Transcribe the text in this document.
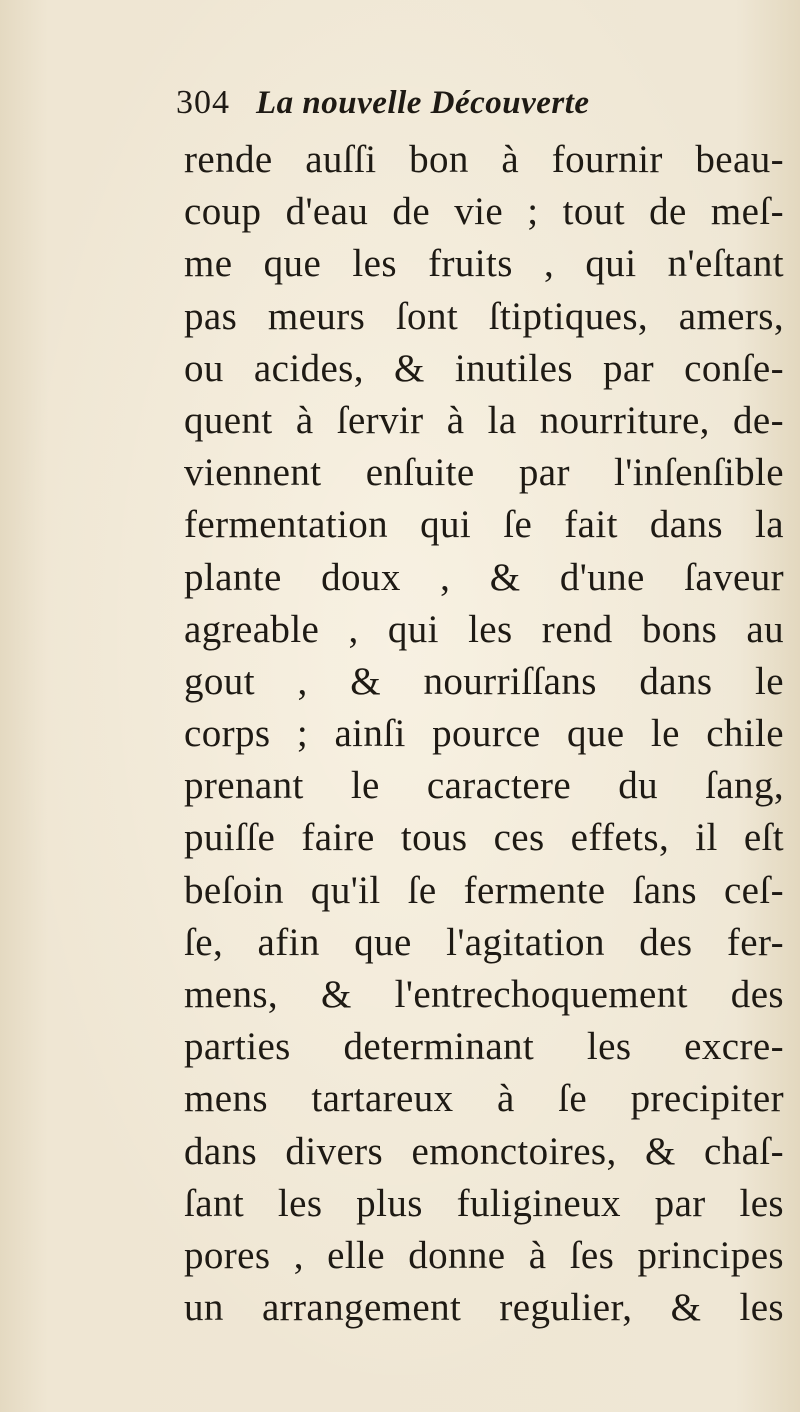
304 La nouvelle Découverte
rende auſſi bon à fournir beau-
coup d'eau de vie ; tout de meſ-
me que les fruits , qui n'eſtant
pas meurs ſont ſtiptiques, amers,
ou acides, & inutiles par conſe-
quent à ſervir à la nourriture, de-
viennent enſuite par l'inſenſible
fermentation qui ſe fait dans la
plante doux , & d'une ſaveur
agreable , qui les rend bons au
gout , & nourriſſans dans le
corps ; ainſi pource que le chile
prenant le caractere du ſang,
puiſſe faire tous ces effets, il eſt
beſoin qu'il ſe fermente ſans ceſ-
ſe, afin que l'agitation des fer-
mens, & l'entrechoquement des
parties determinant les excre-
mens tartareux à ſe precipiter
dans divers emonctoires, & chaſ-
ſant les plus fuligineux par les
pores , elle donne à ſes principes
un arrangement regulier, & les
